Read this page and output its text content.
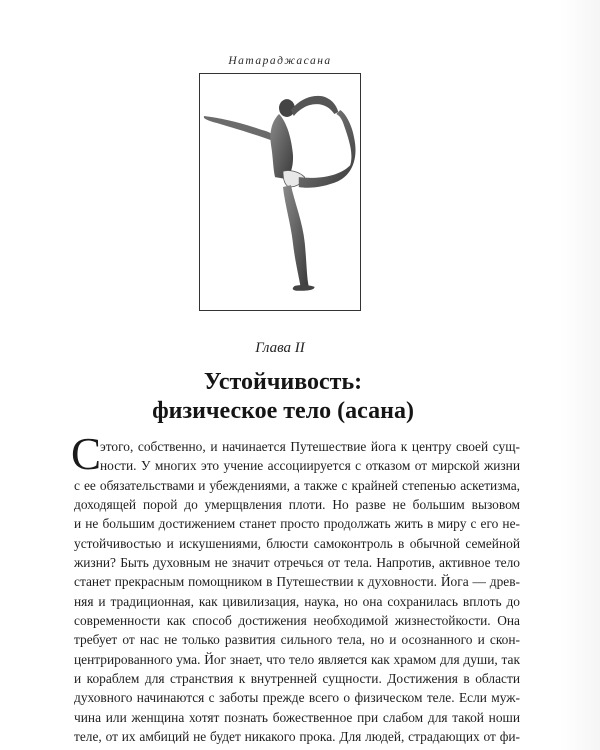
Натараджасана
Глава II
Устойчивость:
физическое тело (асана)
С
этого, собственно, и начинается Путешествие йога к центру своей сущ-
ности. У многих это учение ассоциируется с отказом от мирской жизни
с ее обязательствами и убеждениями, а также с крайней степенью аскетизма,
доходящей порой до умерщвления плоти. Но разве не большим вызовом
и не большим достижением станет просто продолжать жить в миру с его не-
устойчивостью и искушениями, блюсти самоконтроль в обычной семейной
жизни? Быть духовным не значит отречься от тела. Напротив, активное тело
станет прекрасным помощником в Путешествии к духовности. Йога — древ-
няя и традиционная, как цивилизация, наука, но она сохранилась вплоть до
современности как способ достижения необходимой жизнестойкости. Она
требует от нас не только развития сильного тела, но и осознанного и скон-
центрированного ума. Йог знает, что тело является как храмом для души, так
и кораблем для странствия к внутренней сущности. Достижения в области
духовного начинаются с заботы прежде всего о физическом теле. Если муж-
чина или женщина хотят познать божественное при слабом для такой ноши
теле, от их амбиций не будет никакого прока. Для людей, страдающих от фи-
